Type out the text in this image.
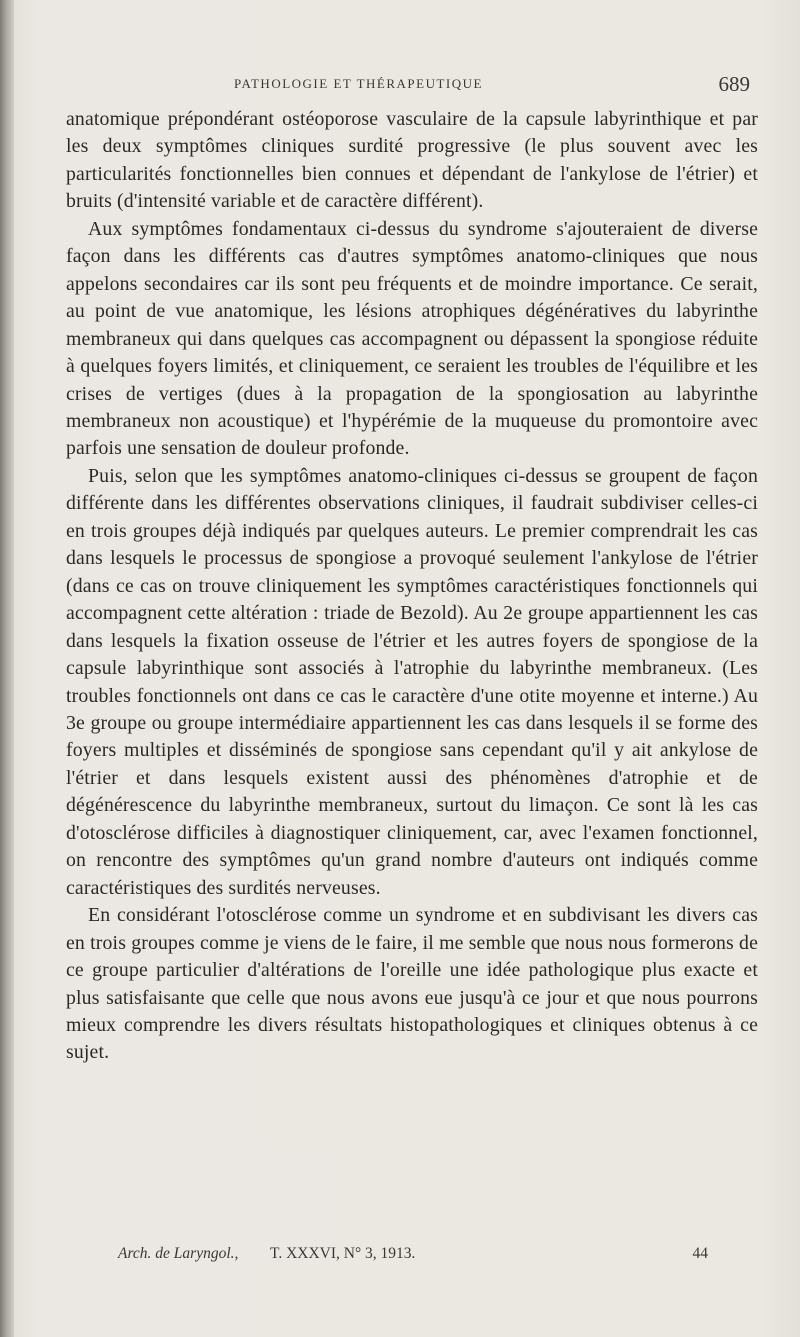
PATHOLOGIE ET THÉRAPEUTIQUE	689

anatomique prépondérant ostéoporose vasculaire de la capsule labyrinthique et par les deux symptômes cliniques surdité progressive (le plus souvent avec les particularités fonctionnelles bien connues et dépendant de l'ankylose de l'étrier) et bruits (d'intensité variable et de caractère différent).

Aux symptômes fondamentaux ci-dessus du syndrome s'ajouteraient de diverse façon dans les différents cas d'autres symptômes anatomo-cliniques que nous appelons secondaires car ils sont peu fréquents et de moindre importance. Ce serait, au point de vue anatomique, les lésions atrophiques dégénératives du labyrinthe membraneux qui dans quelques cas accompagnent ou dépassent la spongiose réduite à quelques foyers limités, et cliniquement, ce seraient les troubles de l'équilibre et les crises de vertiges (dues à la propagation de la spongiosation au labyrinthe membraneux non acoustique) et l'hypérémie de la muqueuse du promontoire avec parfois une sensation de douleur profonde.

Puis, selon que les symptômes anatomo-cliniques ci-dessus se groupent de façon différente dans les différentes observations cliniques, il faudrait subdiviser celles-ci en trois groupes déjà indiqués par quelques auteurs. Le premier comprendrait les cas dans lesquels le processus de spongiose a provoqué seulement l'ankylose de l'étrier (dans ce cas on trouve cliniquement les symptômes caractéristiques fonctionnels qui accompagnent cette altération : triade de Bezold). Au 2e groupe appartiennent les cas dans lesquels la fixation osseuse de l'étrier et les autres foyers de spongiose de la capsule labyrinthique sont associés à l'atrophie du labyrinthe membraneux. (Les troubles fonctionnels ont dans ce cas le caractère d'une otite moyenne et interne.) Au 3e groupe ou groupe intermédiaire appartiennent les cas dans lesquels il se forme des foyers multiples et disséminés de spongiose sans cependant qu'il y ait ankylose de l'étrier et dans lesquels existent aussi des phénomènes d'atrophie et de dégénérescence du labyrinthe membraneux, surtout du limaçon. Ce sont là les cas d'otosclérose difficiles à diagnostiquer cliniquement, car, avec l'examen fonctionnel, on rencontre des symptômes qu'un grand nombre d'auteurs ont indiqués comme caractéristiques des surdités nerveuses.

En considérant l'otosclérose comme un syndrome et en subdivisant les divers cas en trois groupes comme je viens de le faire, il me semble que nous nous formerons de ce groupe particulier d'altérations de l'oreille une idée pathologique plus exacte et plus satisfaisante que celle que nous avons eue jusqu'à ce jour et que nous pourrons mieux comprendre les divers résultats histopathologiques et cliniques obtenus à ce sujet.

Arch. de Laryngol., T. XXXVI, N° 3, 1913.	44
